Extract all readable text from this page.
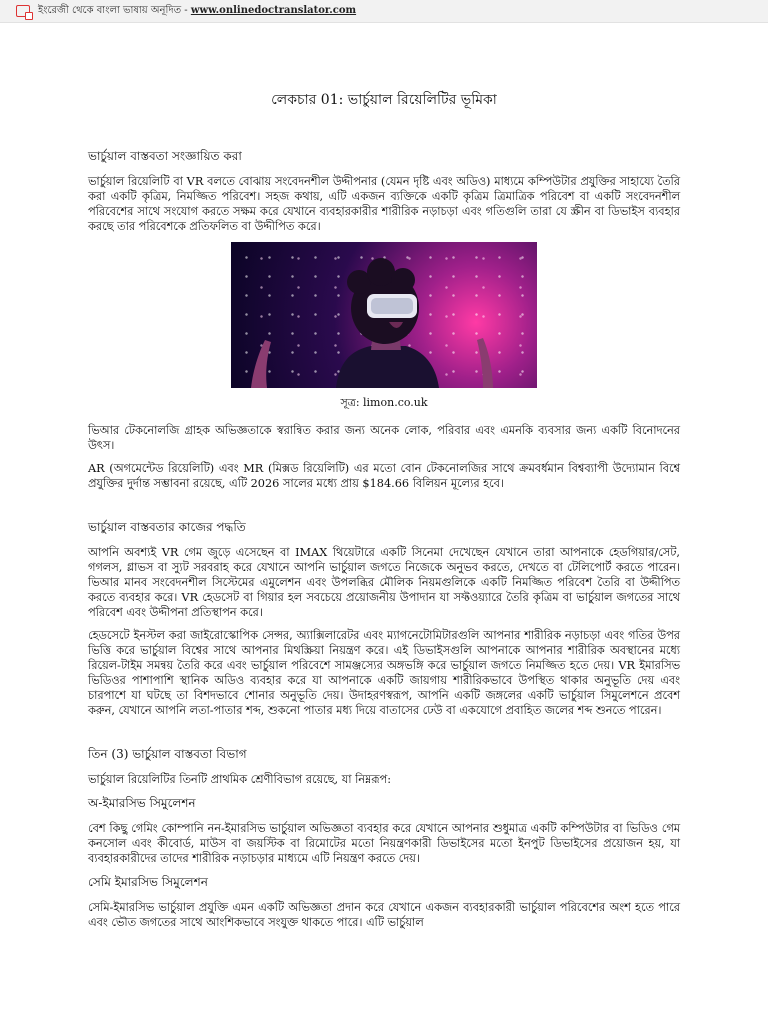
ইংরেজী থেকে বাংলা ভাষায় অনূদিত - www.onlinedoctranslator.com
লেকচার 01: ভার্চুয়াল রিয়েলিটির ভূমিকা
ভার্চুয়াল বাস্তবতা সংজ্ঞায়িত করা

ভার্চুয়াল রিয়েলিটি বা VR বলতে বোঝায় সংবেদনশীল উদ্দীপনার (যেমন দৃষ্টি এবং অডিও) মাধ্যমে কম্পিউটার প্রযুক্তির সাহায্যে তৈরি করা একটি কৃত্রিম, নিমজ্জিত পরিবেশ। সহজ কথায়, এটি একজন ব্যক্তিকে একটি কৃত্রিম ত্রিমাত্রিক পরিবেশ বা একটি সংবেদনশীল পরিবেশের সাথে সংযোগ করতে সক্ষম করে যেখানে ব্যবহারকারীর শারীরিক নড়াচড়া এবং গতিগুলি তারা যে স্ক্রীন বা ডিভাইস ব্যবহার করছে তার পরিবেশকে প্রতিফলিত বা উদ্দীপিত করে।

সূত্র: limon.co.uk

ভিআর টেকনোলজি গ্রাহক অভিজ্ঞতাকে স্বরান্বিত করার জন্য অনেক লোক, পরিবার এবং এমনকি ব্যবসার জন্য একটি বিনোদনের উৎস।

AR (অগমেন্টেড রিয়েলিটি) এবং MR (মিক্সড রিয়েলিটি) এর মতো বোন টেকনোলজির সাথে ক্রমবর্ধমান বিশ্বব্যাপী উদ্যোমান বিশ্বে প্রযুক্তির দুর্দান্ত সম্ভাবনা রয়েছে, এটি 2026 সালের মধ্যে প্রায় $184.66 বিলিয়ন মূল্যের হবে।

ভার্চুয়াল বাস্তবতার কাজের পদ্ধতি

আপনি অবশ্যই VR গেম জুড়ে এসেছেন বা IMAX থিয়েটারে একটি সিনেমা দেখেছেন যেখানে তারা আপনাকে হেডগিয়ার/সেট, গগলস, গ্লাভস বা স্যুট সরবরাহ করে যেখানে আপনি ভার্চুয়াল জগতে নিজেকে অনুভব করতে, দেখতে বা টেলিপোর্ট করতে পারেন। ভিআর মানব সংবেদনশীল সিস্টেমের এমুলেশন এবং উপলব্ধির মৌলিক নিয়মগুলিকে একটি নিমজ্জিত পরিবেশ তৈরি বা উদ্দীপিত করতে ব্যবহার করে। VR হেডসেট বা গিয়ার হল সবচেয়ে প্রয়োজনীয় উপাদান যা সফ্টওয়্যারে তৈরি কৃত্রিম বা ভার্চুয়াল জগতের সাথে পরিবেশ এবং উদ্দীপনা প্রতিস্থাপন করে।

হেডসেটে ইনস্টল করা জাইরোস্কোপিক সেন্সর, অ্যাক্সিলারেটর এবং ম্যাগনেটোমিটারগুলি আপনার শারীরিক নড়াচড়া এবং গতির উপর ভিত্তি করে ভার্চুয়াল বিশ্বের সাথে আপনার মিথস্ক্রিয়া নিয়ন্ত্রণ করে। এই ডিভাইসগুলি আপনাকে আপনার শারীরিক অবস্থানের মধ্যে রিয়েল-টাইম সমন্বয় তৈরি করে এবং ভার্চুয়াল পরিবেশে সামঞ্জস্যের অঙ্গভঙ্গি করে ভার্চুয়াল জগতে নিমজ্জিত হতে দেয়। VR ইমারসিভ ভিডিওর পাশাপাশি স্থানিক অডিও ব্যবহার করে যা আপনাকে একটি জায়গায় শারীরিকভাবে উপস্থিত থাকার অনুভূতি দেয় এবং চারপাশে যা ঘটছে তা বিশদভাবে শোনার অনুভূতি দেয়। উদাহরণস্বরূপ, আপনি একটি জঙ্গলের একটি ভার্চুয়াল সিমুলেশনে প্রবেশ করুন, যেখানে আপনি লতা-পাতার শব্দ, শুকনো পাতার মধ্য দিয়ে বাতাসের ঢেউ বা একযোগে প্রবাহিত জলের শব্দ শুনতে পারেন।

তিন (3) ভার্চুয়াল বাস্তবতা বিভাগ

ভার্চুয়াল রিয়েলিটির তিনটি প্রাথমিক শ্রেণীবিভাগ রয়েছে, যা নিম্নরূপ:

অ-ইমারসিভ সিমুলেশন

বেশ কিছু গেমিং কোম্পানি নন-ইমারসিভ ভার্চুয়াল অভিজ্ঞতা ব্যবহার করে যেখানে আপনার শুধুমাত্র একটি কম্পিউটার বা ভিডিও গেম কনসোল এবং কীবোর্ড, মাউস বা জয়স্টিক বা রিমোটের মতো নিয়ন্ত্রণকারী ডিভাইসের মতো ইনপুট ডিভাইসের প্রয়োজন হয়, যা ব্যবহারকারীদের তাদের শারীরিক নড়াচড়ার মাধ্যমে এটি নিয়ন্ত্রণ করতে দেয়।

সেমি ইমারসিভ সিমুলেশন

সেমি-ইমারসিভ ভার্চুয়াল প্রযুক্তি এমন একটি অভিজ্ঞতা প্রদান করে যেখানে একজন ব্যবহারকারী ভার্চুয়াল পরিবেশের অংশ হতে পারে এবং ভৌত জগতের সাথে আংশিকভাবে সংযুক্ত থাকতে পারে। এটি ভার্চুয়াল
